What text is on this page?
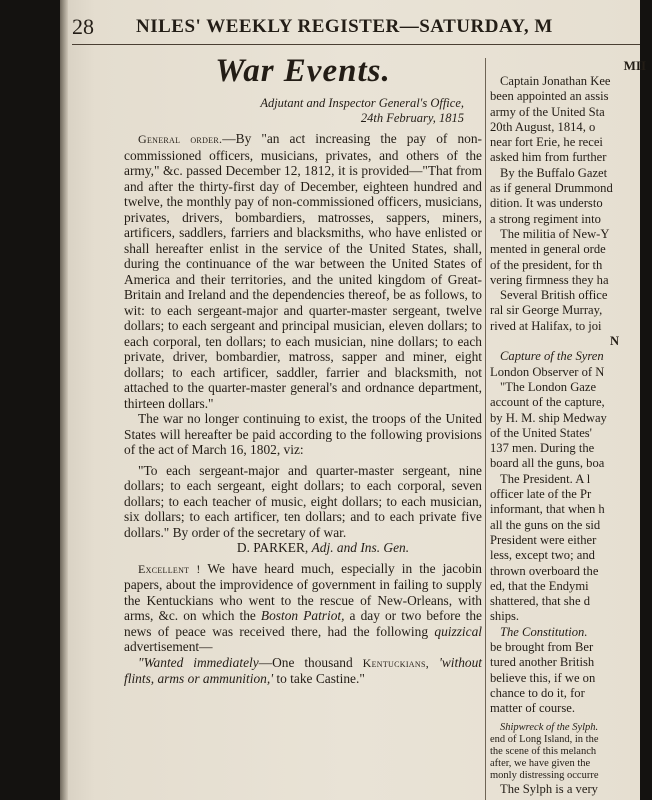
28 NILES' WEEKLY REGISTER—SATURDAY, M
War Events.
Adjutant and Inspector General's Office,
24th February, 1815

General order.—By "an act increasing the pay of non-commissioned officers, musicians, privates, and others of the army," &c. passed December 12, 1812, it is provided—"That from and after the thirty-first day of December, eighteen hundred and twelve, the monthly pay of non-commissioned officers, musicians, privates, drivers, bombardiers, matrosses, sappers, miners, artificers, saddlers, farriers and blacksmiths, who have enlisted or shall hereafter enlist in the service of the United States, shall, during the continuance of the war between the United States of America and their territories, and the united kingdom of Great-Britain and Ireland and the dependencies thereof, be as follows, to wit: to each sergeant-major and quarter-master sergeant, twelve dollars; to each sergeant and principal musician, eleven dollars; to each corporal, ten dollars; to each musician, nine dollars; to each private, driver, bombardier, matross, sapper and miner, eight dollars; to each artificer, saddler, farrier and blacksmith, not attached to the quarter-master general's and ordnance department, thirteen dollars."

The war no longer continuing to exist, the troops of the United States will hereafter be paid according to the following provisions of the act of March 16, 1802, viz:

"To each sergeant-major and quarter-master sergeant, nine dollars; to each sergeant, eight dollars; to each corporal, seven dollars; to each teacher of music, eight dollars; to each musician, six dollars; to each artificer, ten dollars; and to each private five dollars." By order of the secretary of war.

D. PARKER, Adj. and Ins. Gen.

Excellent ! We have heard much, especially in the jacobin papers, about the improvidence of government in failing to supply the Kentuckians who went to the rescue of New-Orleans, with arms, &c. on which the Boston Patriot, a day or two before the news of peace was received there, had the following quizzical advertisement—

"Wanted immediately—One thousand Kentuckians, 'without flints, arms or ammunition,' to take Castine."

MII
Captain Jonathan Kee
been appointed an assis
army of the United Sta
20th August, 1814, o
near fort Erie, he recei
asked him from further
By the Buffalo Gazet
as if general Drummond
dition. It was understo
a strong regiment into
The militia of New-Y
mented in general orde
of the president, for th
vering firmness they ha
Several British office
ral sir George Murray,
rived at Halifax, to joi
N
Capture of the Syren
London Observer of N
"The London Gaze
account of the capture,
by H. M. ship Medway
of the United States'
137 men. During the
board all the guns, boa
The President. A l
officer late of the Pr
informant, that when h
all the guns on the sid
President were either
less, except two; and
thrown overboard the
ed, that the Endymi
shattered, that she d
ships.
The Constitution.
be brought from Ber
tured another British
believe this, if we on
chance to do it, for
matter of course.
Shipwreck of the Sylph.
end of Long Island, in the
the scene of this melanch
after, we have given the
monly distressing occurre
The Sylph is a very
